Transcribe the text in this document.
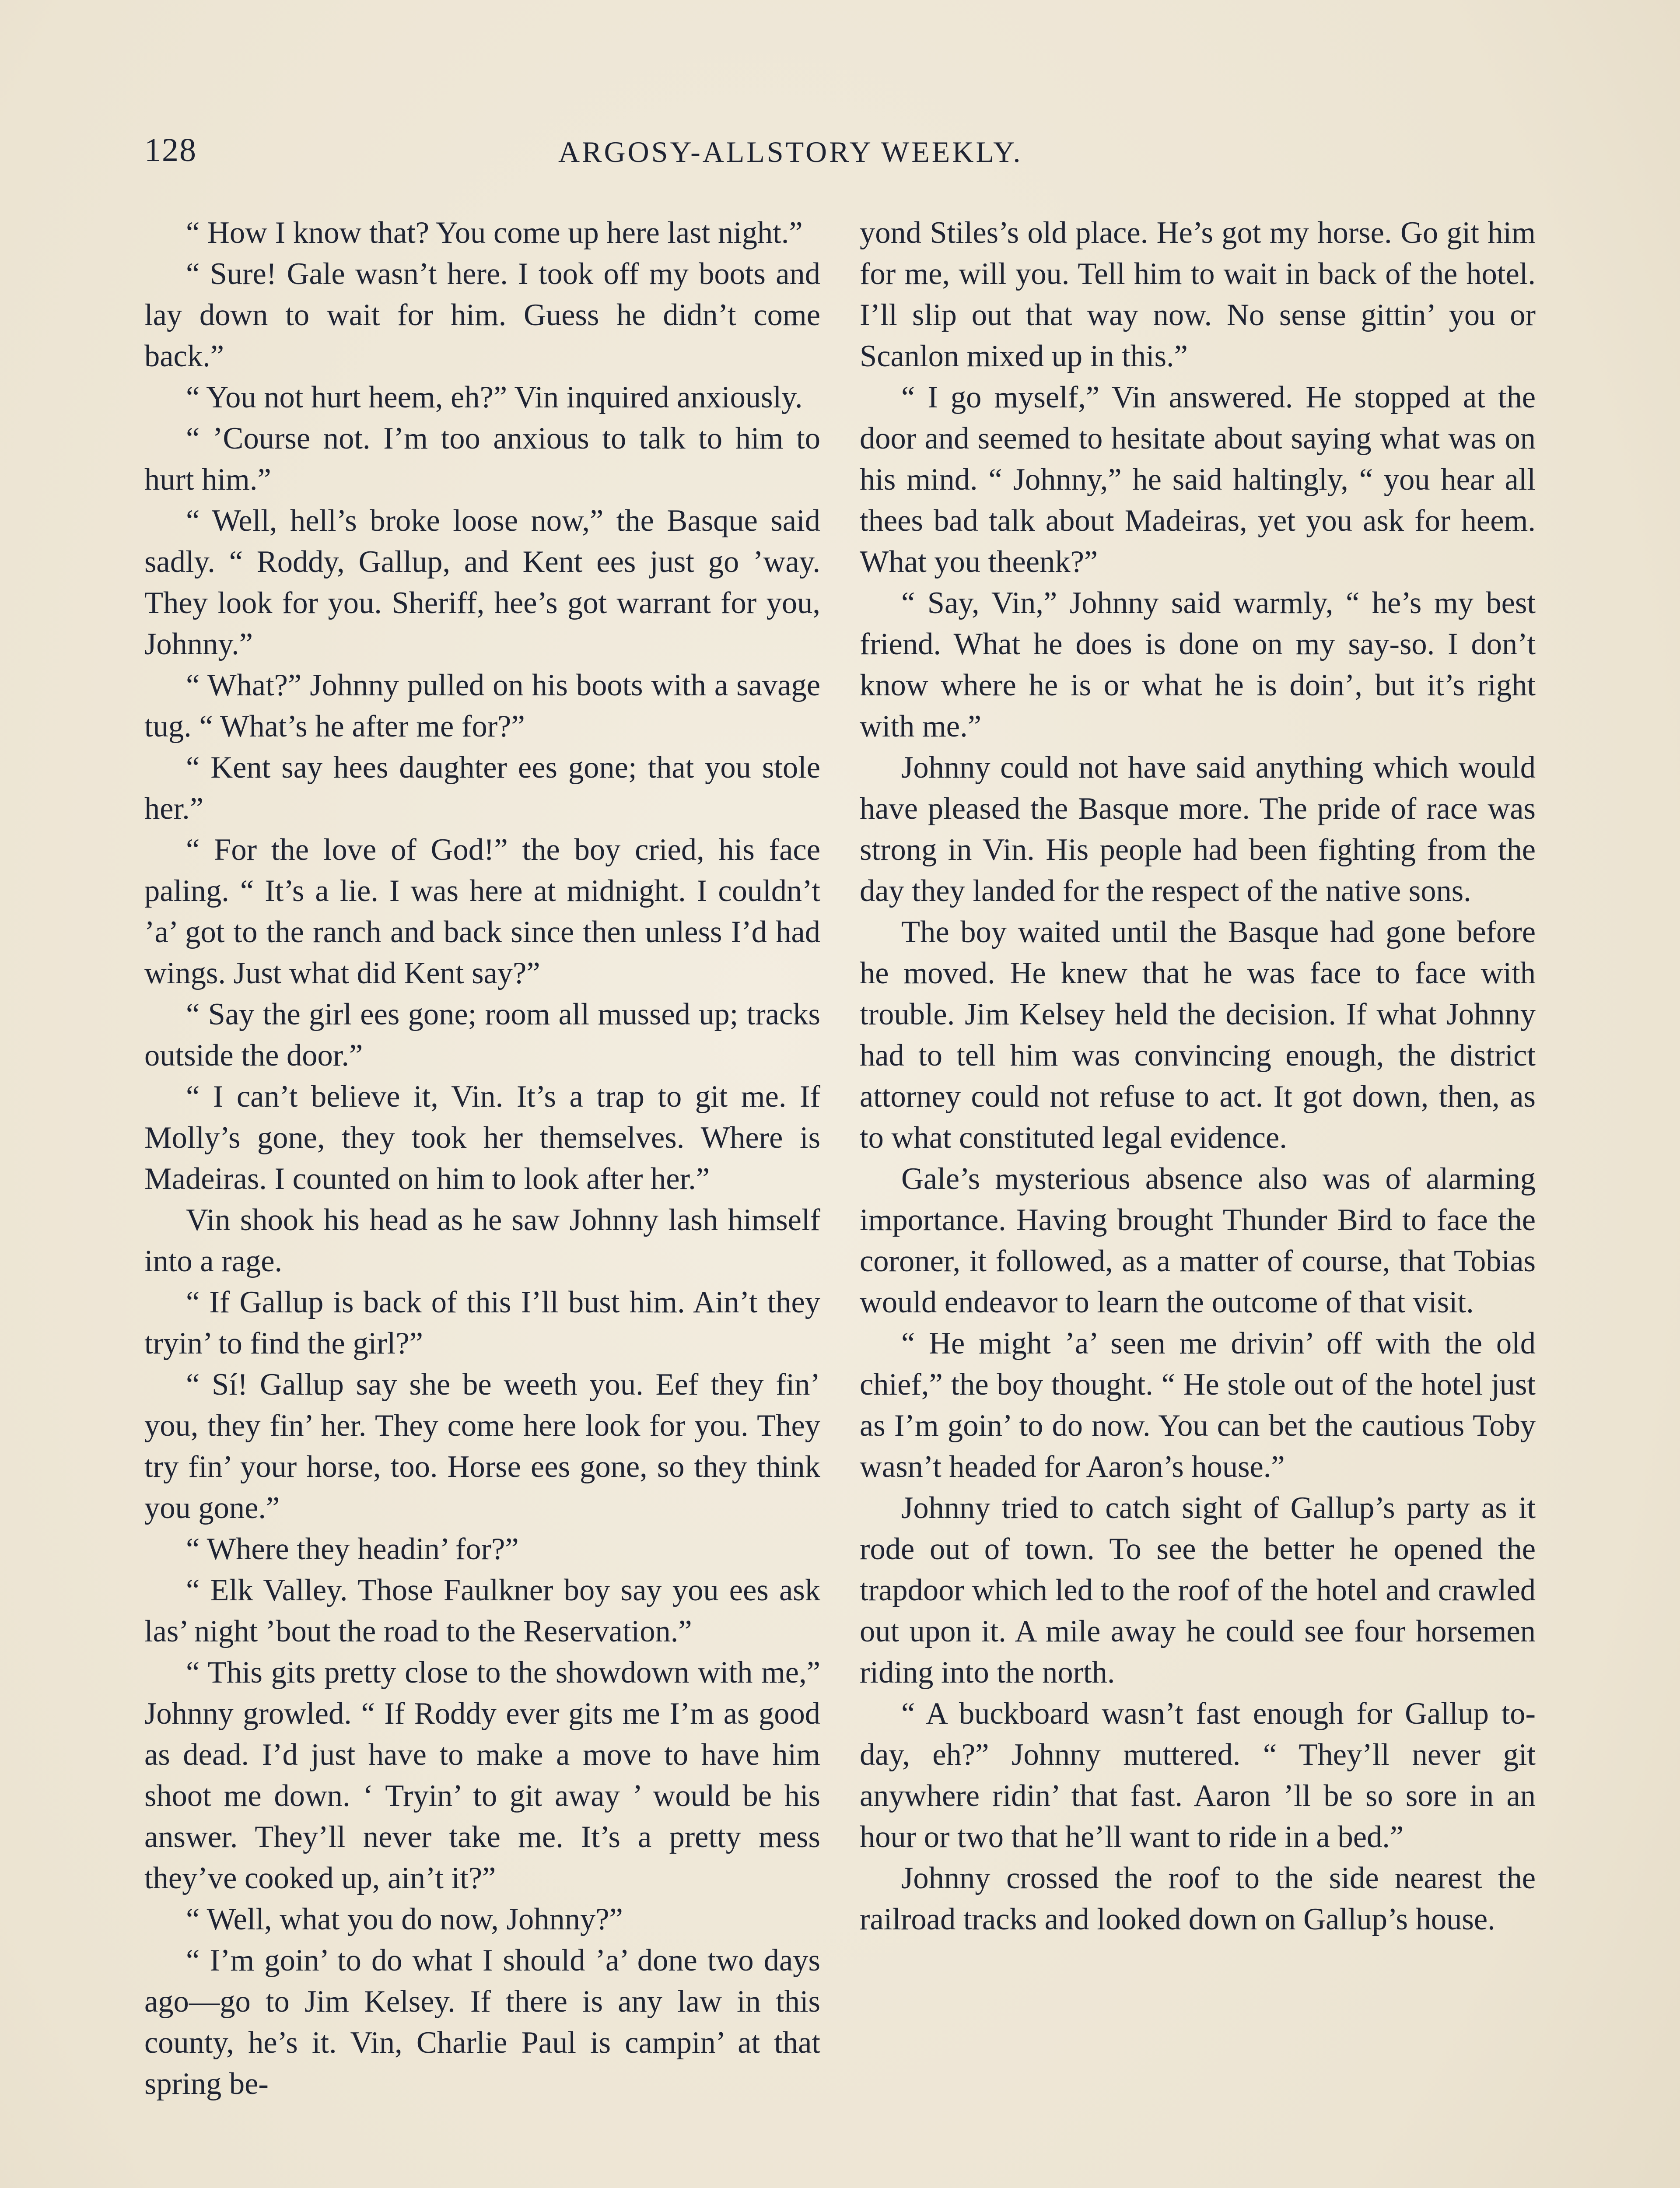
128	ARGOSY-ALLSTORY WEEKLY.

“ How I know that? You come up here last night.”

“ Sure! Gale wasn’t here. I took off my boots and lay down to wait for him. Guess he didn’t come back.”

“ You not hurt heem, eh?” Vin inquired anxiously.

“ ’Course not. I’m too anxious to talk to him to hurt him.”

“ Well, hell’s broke loose now,” the Basque said sadly. “ Roddy, Gallup, and Kent ees just go ’way. They look for you. Sheriff, hee’s got warrant for you, Johnny.”

“ What?” Johnny pulled on his boots with a savage tug. “ What’s he after me for?”

“ Kent say hees daughter ees gone; that you stole her.”

“ For the love of God!” the boy cried, his face paling. “ It’s a lie. I was here at midnight. I couldn’t ’a’ got to the ranch and back since then unless I’d had wings. Just what did Kent say?”

“ Say the girl ees gone; room all mussed up; tracks outside the door.”

“ I can’t believe it, Vin. It’s a trap to git me. If Molly’s gone, they took her themselves. Where is Madeiras. I counted on him to look after her.”

Vin shook his head as he saw Johnny lash himself into a rage.

“ If Gallup is back of this I’ll bust him. Ain’t they tryin’ to find the girl?”

“ Sí! Gallup say she be weeth you. Eef they fin’ you, they fin’ her. They come here look for you. They try fin’ your horse, too. Horse ees gone, so they think you gone.”

“ Where they headin’ for?”

“ Elk Valley. Those Faulkner boy say you ees ask las’ night ’bout the road to the Reservation.”

“ This gits pretty close to the showdown with me,” Johnny growled. “ If Roddy ever gits me I’m as good as dead. I’d just have to make a move to have him shoot me down. ‘ Tryin’ to git away ’ would be his answer. They’ll never take me. It’s a pretty mess they’ve cooked up, ain’t it?”

“ Well, what you do now, Johnny?”

“ I’m goin’ to do what I should ’a’ done two days ago—go to Jim Kelsey. If there is any law in this county, he’s it. Vin, Charlie Paul is campin’ at that spring be-

yond Stiles’s old place. He’s got my horse. Go git him for me, will you. Tell him to wait in back of the hotel. I’ll slip out that way now. No sense gittin’ you or Scanlon mixed up in this.”

“ I go myself,” Vin answered. He stopped at the door and seemed to hesitate about saying what was on his mind. “ Johnny,” he said haltingly, “ you hear all thees bad talk about Madeiras, yet you ask for heem. What you theenk?”

“ Say, Vin,” Johnny said warmly, “ he’s my best friend. What he does is done on my say-so. I don’t know where he is or what he is doin’, but it’s right with me.”

Johnny could not have said anything which would have pleased the Basque more. The pride of race was strong in Vin. His people had been fighting from the day they landed for the respect of the native sons.

The boy waited until the Basque had gone before he moved. He knew that he was face to face with trouble. Jim Kelsey held the decision. If what Johnny had to tell him was convincing enough, the district attorney could not refuse to act. It got down, then, as to what constituted legal evidence.

Gale’s mysterious absence also was of alarming importance. Having brought Thunder Bird to face the coroner, it followed, as a matter of course, that Tobias would endeavor to learn the outcome of that visit.

“ He might ’a’ seen me drivin’ off with the old chief,” the boy thought. “ He stole out of the hotel just as I’m goin’ to do now. You can bet the cautious Toby wasn’t headed for Aaron’s house.”

Johnny tried to catch sight of Gallup’s party as it rode out of town. To see the better he opened the trapdoor which led to the roof of the hotel and crawled out upon it. A mile away he could see four horsemen riding into the north.

“ A buckboard wasn’t fast enough for Gallup to-day, eh?” Johnny muttered. “ They’ll never git anywhere ridin’ that fast. Aaron ’ll be so sore in an hour or two that he’ll want to ride in a bed.”

Johnny crossed the roof to the side nearest the railroad tracks and looked down on Gallup’s house.
